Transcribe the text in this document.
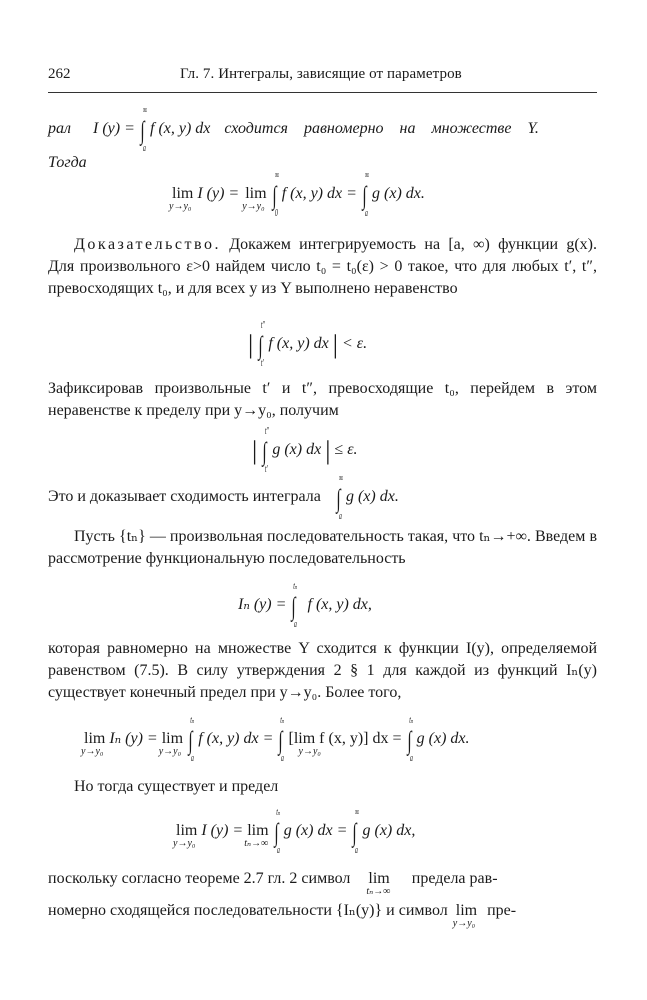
262	Гл. 7. Интегралы, зависящие от параметров
рал I (y) = ∫
∞
a
f (x, y) dx сходится равномерно на множестве Y.
Тогда
lim
y→y₀
I (y) = lim
y→y₀ ∫
∞
0
f (x, y) dx = ∫
∞
a
g (x) dx.
Доказательство. Докажем интегрируемость на [a, ∞) функции g(x). Для произвольного ε>0 найдем число t₀ = t₀(ε) > 0 такое, что для любых t′, t″, превосходящих t₀, и для всех y из Y выполнено неравенство
| ∫
t″
t′
f (x, y) dx | < ε.
Зафиксировав произвольные t′ и t″, превосходящие t₀, перейдем в этом неравенстве к пределу при y→y₀, получим
| ∫
t″
t′
g (x) dx | ≤ ε.
Это и доказывает сходимость интеграла ∫
∞
a
g (x) dx.
Пусть {tₙ} — произвольная последовательность такая, что tₙ→+∞. Введем в рассмотрение функциональную последовательность
Iₙ (y) = ∫
tₙ
a
f (x, y) dx,
которая равномерно на множестве Y сходится к функции I(y), определяемой равенством (7.5). В силу утверждения 2 § 1 для каждой из функций Iₙ(y) существует конечный предел при y→y₀. Более того,
lim
y→y₀
Iₙ (y) = lim
y→y₀ ∫
tₙ
a
f (x, y) dx = ∫
tₙ
a
[lim f (x, y)] dx =
y→y₀	∫
tₙ
a
g (x) dx.
Но тогда существует и предел
lim
y→y₀
I (y) = lim
tₙ→∞ ∫
tₙ
a
g (x) dx = ∫
∞
a
g (x) dx,
поскольку согласно теореме 2.7 гл. 2 символ lim
tₙ→∞
предела рав-
номерно сходящейся последовательности {Iₙ(y)} и символ lim
y→y₀
пре-
